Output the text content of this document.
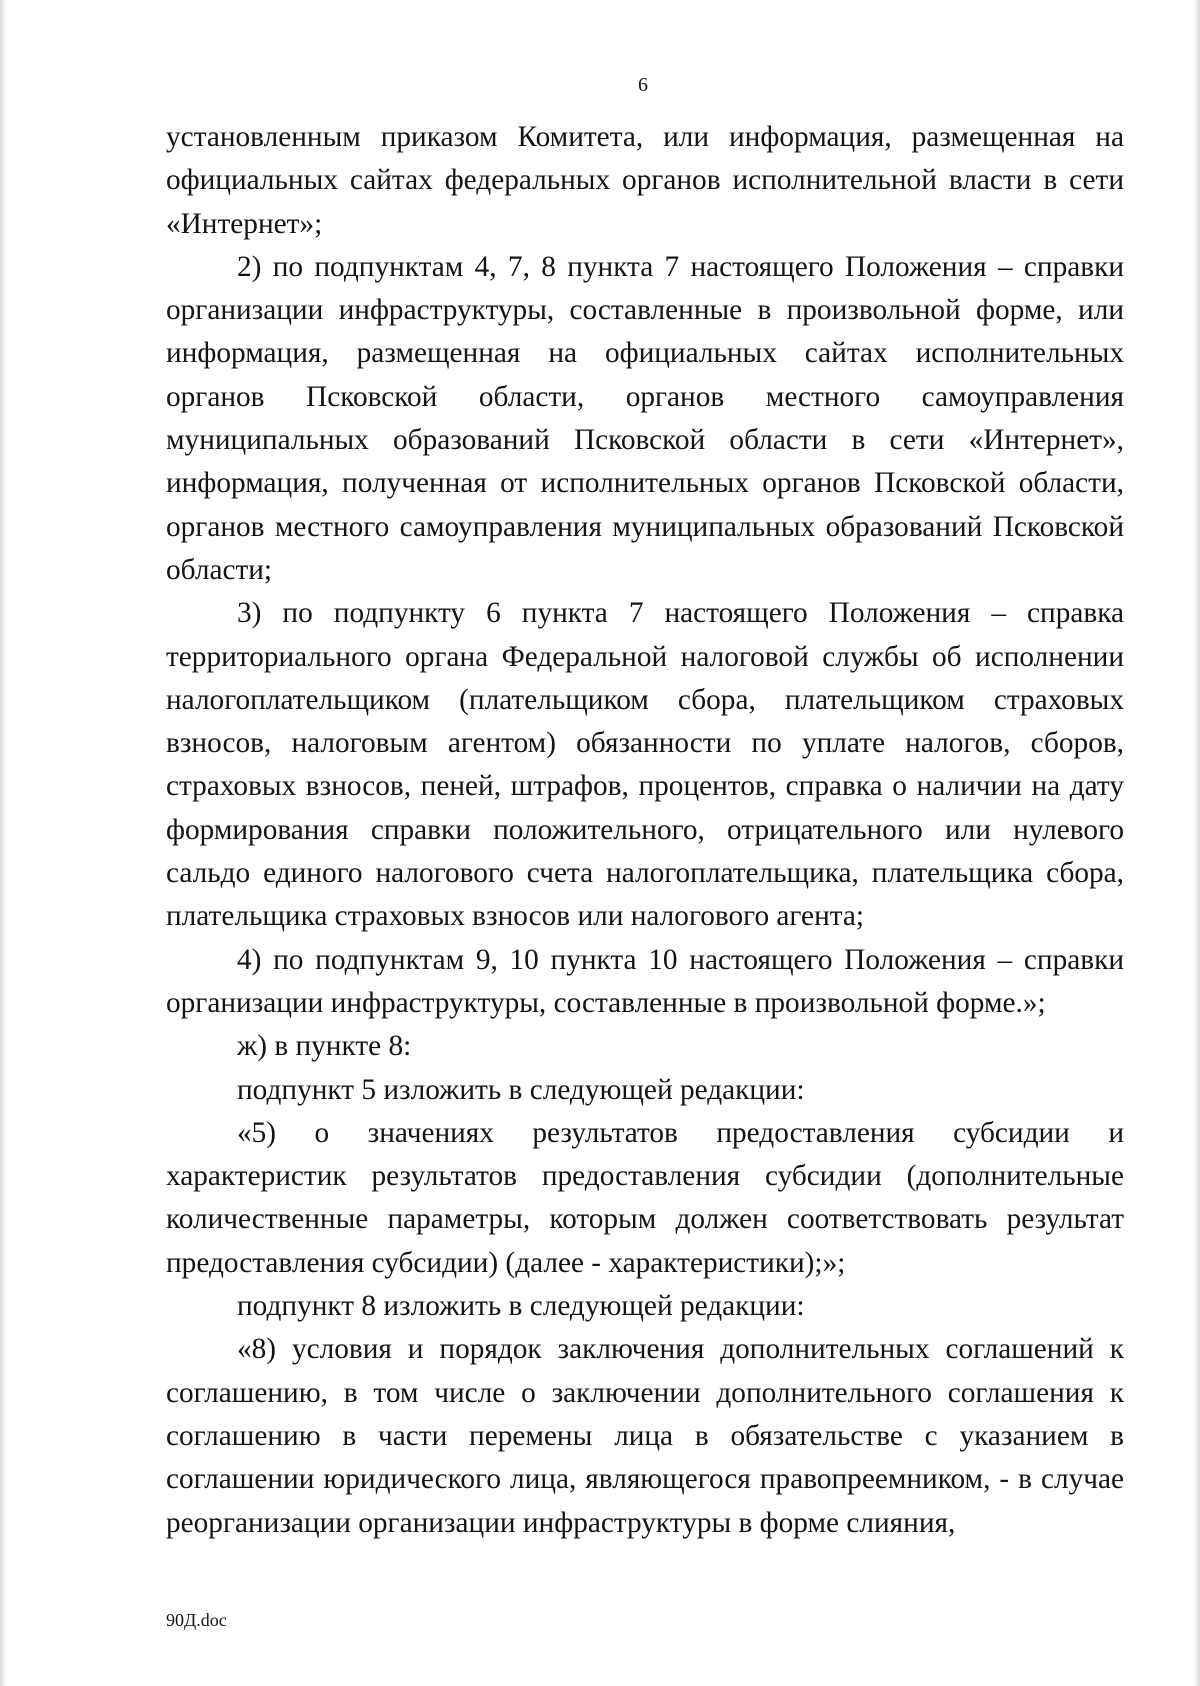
6

установленным приказом Комитета, или информация, размещенная на официальных сайтах федеральных органов исполнительной власти в сети «Интернет»;

2) по подпунктам 4, 7, 8 пункта 7 настоящего Положения – справки организации инфраструктуры, составленные в произвольной форме, или информация, размещенная на официальных сайтах исполнительных органов Псковской области, органов местного самоуправления муниципальных образований Псковской области в сети «Интернет», информация, полученная от исполнительных органов Псковской области, органов местного самоуправления муниципальных образований Псковской области;

3) по подпункту 6 пункта 7 настоящего Положения – справка территориального органа Федеральной налоговой службы об исполнении налогоплательщиком (плательщиком сбора, плательщиком страховых взносов, налоговым агентом) обязанности по уплате налогов, сборов, страховых взносов, пеней, штрафов, процентов, справка о наличии на дату формирования справки положительного, отрицательного или нулевого сальдо единого налогового счета налогоплательщика, плательщика сбора, плательщика страховых взносов или налогового агента;

4) по подпунктам 9, 10 пункта 10 настоящего Положения – справки организации инфраструктуры, составленные в произвольной форме.»;

ж) в пункте 8:

подпункт 5 изложить в следующей редакции:

«5) о значениях результатов предоставления субсидии и характеристик результатов предоставления субсидии (дополнительные количественные параметры, которым должен соответствовать результат предоставления субсидии) (далее - характеристики);»;

подпункт 8 изложить в следующей редакции:

«8) условия и порядок заключения дополнительных соглашений к соглашению, в том числе о заключении дополнительного соглашения к соглашению в части перемены лица в обязательстве с указанием в соглашении юридического лица, являющегося правопреемником, - в случае реорганизации организации инфраструктуры в форме слияния,

90Д.doc
